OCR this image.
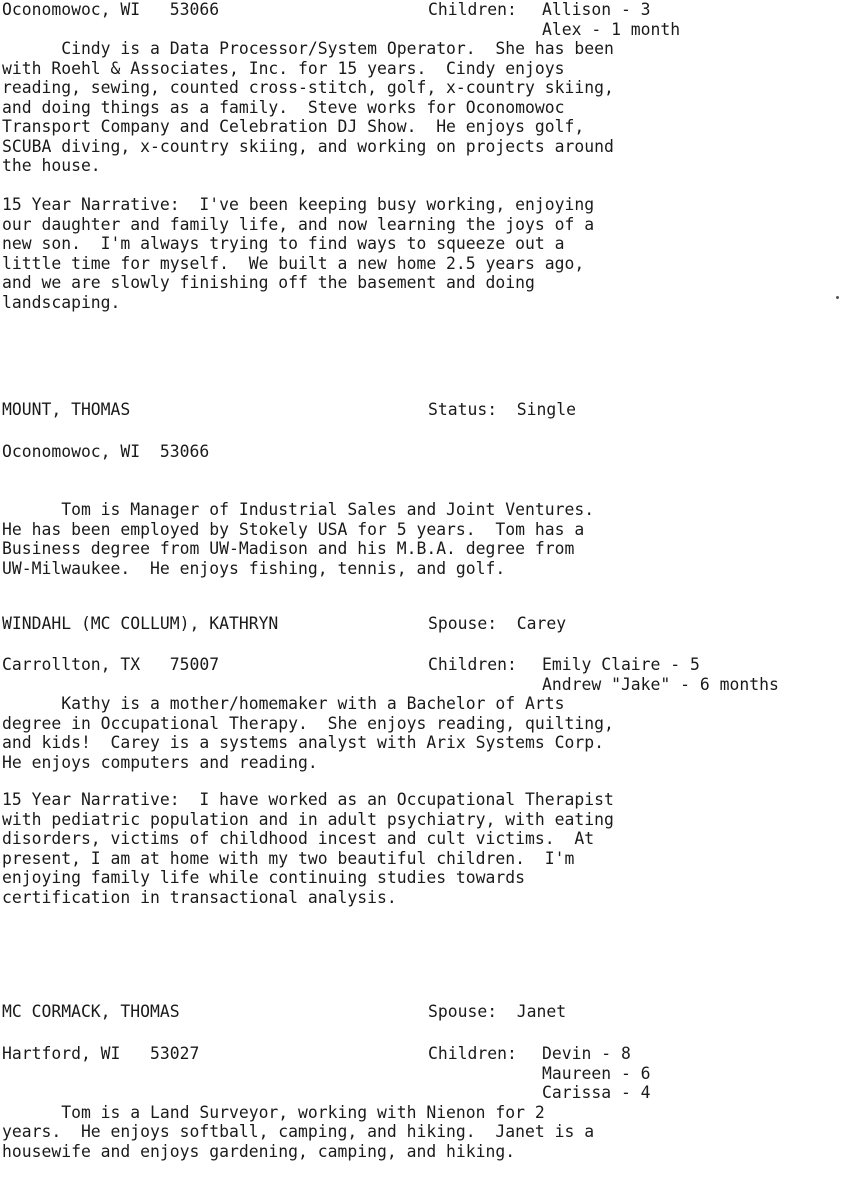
Oconomowoc, WI   53066	Children: Allison - 3
Alex - 1 month
Cindy is a Data Processor/System Operator.  She has been
with Roehl & Associates, Inc. for 15 years.  Cindy enjoys
reading, sewing, counted cross-stitch, golf, x-country skiing,
and doing things as a family.  Steve works for Oconomowoc
Transport Company and Celebration DJ Show.  He enjoys golf,
SCUBA diving, x-country skiing, and working on projects around
the house.
15 Year Narrative:  I've been keeping busy working, enjoying
our daughter and family life, and now learning the joys of a
new son.  I'm always trying to find ways to squeeze out a
little time for myself.  We built a new home 2.5 years ago,
and we are slowly finishing off the basement and doing
landscaping.
MOUNT, THOMAS	Status:  Single
Oconomowoc, WI  53066
Tom is Manager of Industrial Sales and Joint Ventures.
He has been employed by Stokely USA for 5 years.  Tom has a
Business degree from UW-Madison and his M.B.A. degree from
UW-Milwaukee.  He enjoys fishing, tennis, and golf.
WINDAHL (MC COLLUM), KATHRYN	Spouse:  Carey
Carrollton, TX   75007	Children: Emily Claire - 5
Andrew "Jake" - 6 months
Kathy is a mother/homemaker with a Bachelor of Arts
degree in Occupational Therapy.  She enjoys reading, quilting,
and kids!  Carey is a systems analyst with Arix Systems Corp.
He enjoys computers and reading.
15 Year Narrative:  I have worked as an Occupational Therapist
with pediatric population and in adult psychiatry, with eating
disorders, victims of childhood incest and cult victims.  At
present, I am at home with my two beautiful children.  I'm
enjoying family life while continuing studies towards
certification in transactional analysis.
MC CORMACK, THOMAS	Spouse:  Janet
Hartford, WI   53027	Children: Devin - 8
Maureen - 6
Carissa - 4
Tom is a Land Surveyor, working with Nienon for 2
years.  He enjoys softball, camping, and hiking.  Janet is a
housewife and enjoys gardening, camping, and hiking.
